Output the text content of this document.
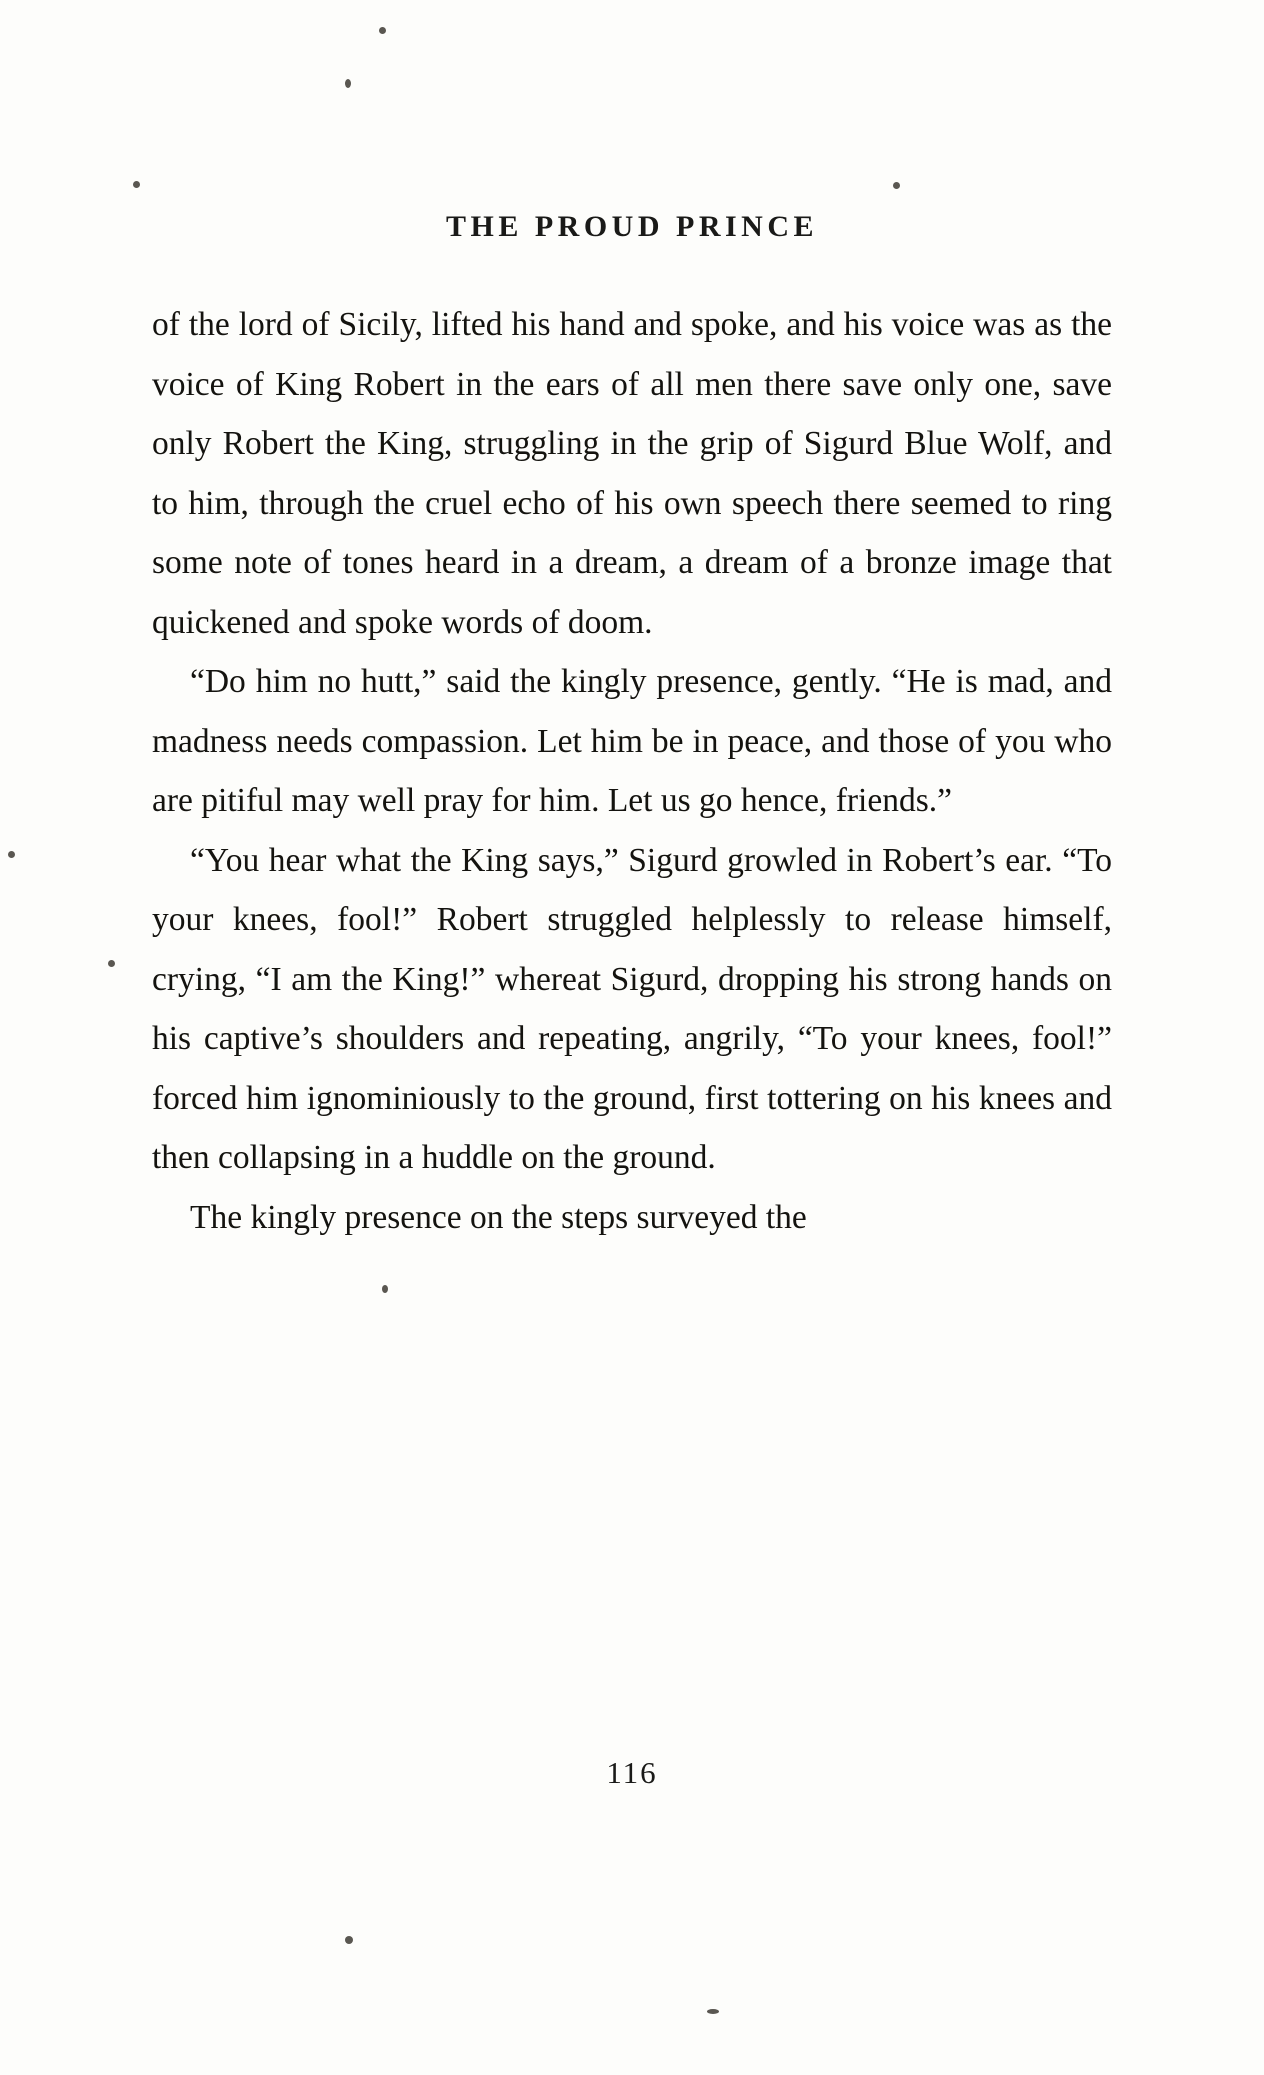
THE PROUD PRINCE

of the lord of Sicily, lifted his hand and spoke, and his voice was as the voice of King Robert in the ears of all men there save only one, save only Robert the King, struggling in the grip of Sigurd Blue Wolf, and to him, through the cruel echo of his own speech there seemed to ring some note of tones heard in a dream, a dream of a bronze image that quickened and spoke words of doom.

“Do him no hutt,” said the kingly presence, gently. “He is mad, and madness needs compassion. Let him be in peace, and those of you who are pitiful may well pray for him. Let us go hence, friends.”

“You hear what the King says,” Sigurd growled in Robert’s ear. “To your knees, fool!” Robert struggled helplessly to release himself, crying, “I am the King!” whereat Sigurd, dropping his strong hands on his captive’s shoulders and repeating, angrily, “To your knees, fool!” forced him ignominiously to the ground, first tottering on his knees and then collapsing in a huddle on the ground.

The kingly presence on the steps surveyed the

116
